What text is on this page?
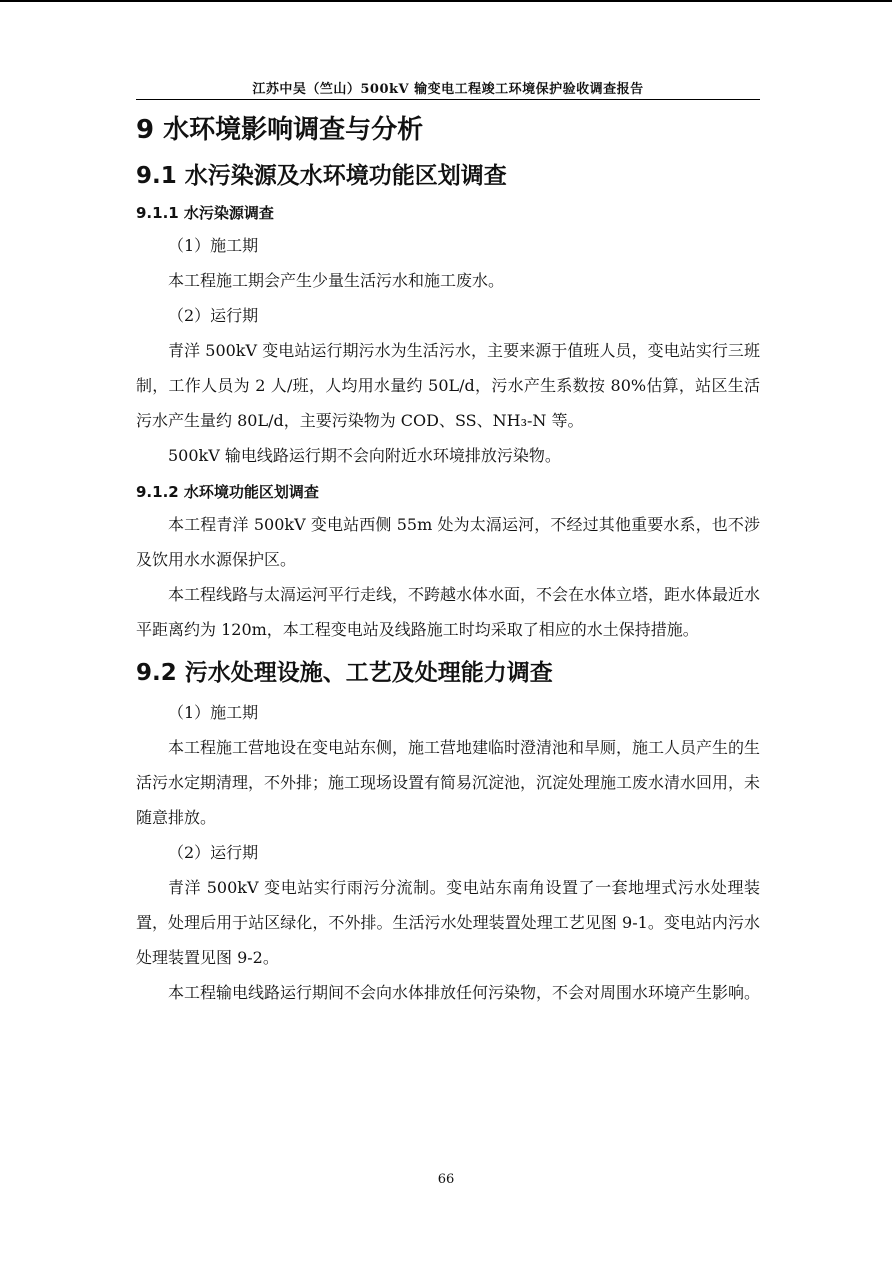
江苏中吴（竺山）500kV 输变电工程竣工环境保护验收调查报告
9 水环境影响调查与分析
9.1 水污染源及水环境功能区划调查
9.1.1 水污染源调查

（1）施工期

本工程施工期会产生少量生活污水和施工废水。

（2）运行期

青洋 500kV 变电站运行期污水为生活污水，主要来源于值班人员，变电站实行三班制，工作人员为 2 人/班，人均用水量约 50L/d，污水产生系数按 80%估算，站区生活污水产生量约 80L/d，主要污染物为 COD、SS、NH₃-N 等。

500kV 输电线路运行期不会向附近水环境排放污染物。

9.1.2 水环境功能区划调查

本工程青洋 500kV 变电站西侧 55m 处为太滆运河，不经过其他重要水系，也不涉及饮用水水源保护区。

本工程线路与太滆运河平行走线，不跨越水体水面，不会在水体立塔，距水体最近水平距离约为 120m，本工程变电站及线路施工时均采取了相应的水土保持措施。

9.2 污水处理设施、工艺及处理能力调查

（1）施工期

本工程施工营地设在变电站东侧，施工营地建临时澄清池和旱厕，施工人员产生的生活污水定期清理，不外排；施工现场设置有简易沉淀池，沉淀处理施工废水清水回用，未随意排放。

（2）运行期

青洋 500kV 变电站实行雨污分流制。变电站东南角设置了一套地埋式污水处理装置，处理后用于站区绿化，不外排。生活污水处理装置处理工艺见图 9-1。变电站内污水处理装置见图 9-2。

本工程输电线路运行期间不会向水体排放任何污染物，不会对周围水环境产生影响。

66
